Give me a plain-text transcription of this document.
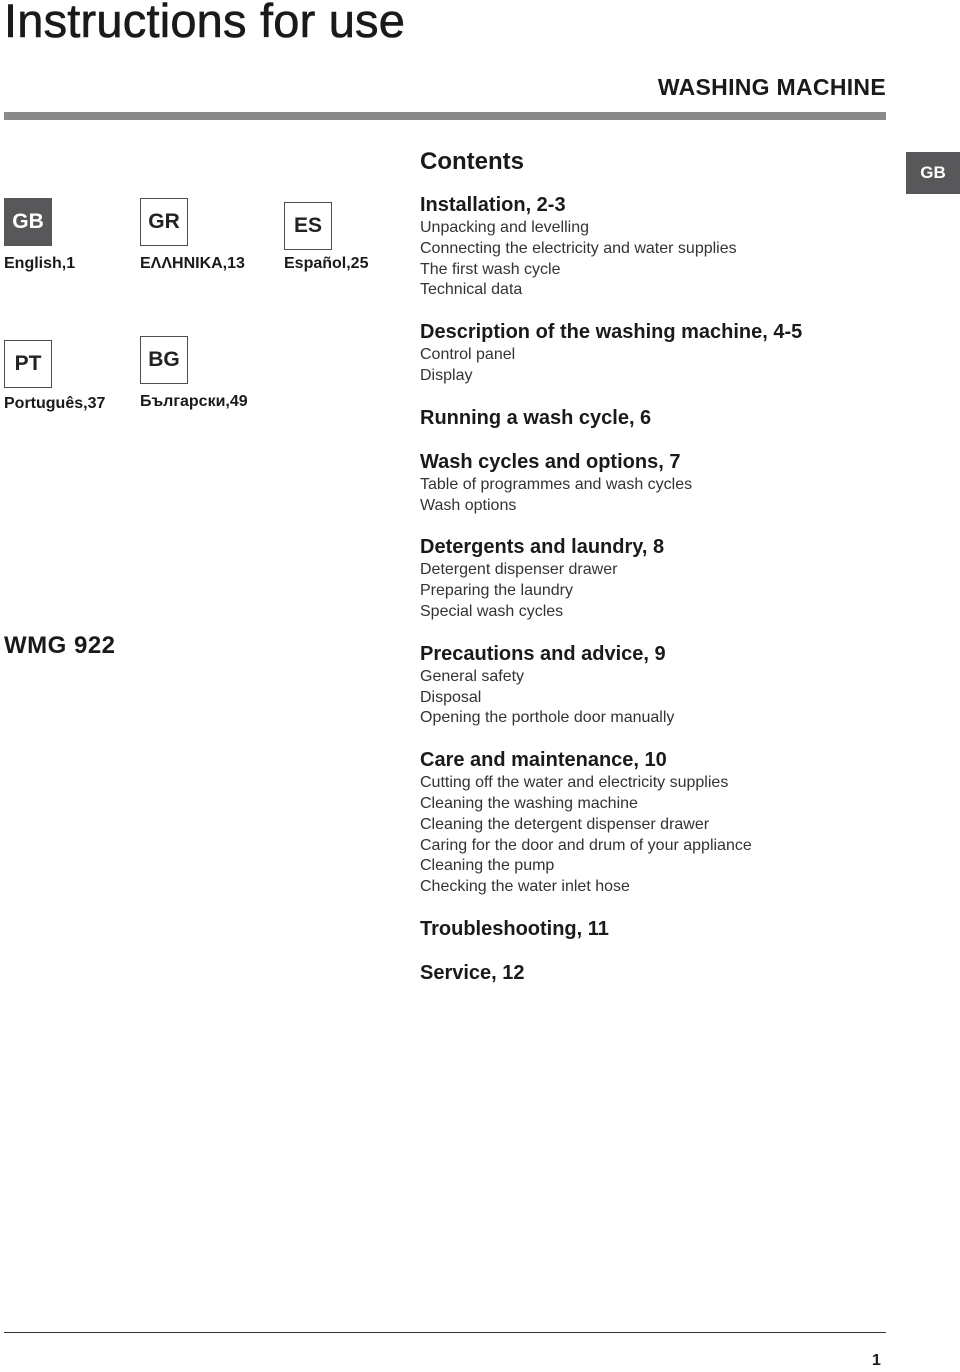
Instructions for use
WASHING MACHINE
GB
GB
English,1
GR
ΕΛΛΗΝΙΚΑ,13
ES
Español,25
PT
Português,37
BG
Български,49
WMG 922
Contents
Installation, 2-3
Unpacking and levelling
Connecting the electricity and water supplies
The first wash cycle
Technical data
Description of the washing machine, 4-5
Control panel
Display
Running a wash cycle, 6
Wash cycles and options, 7
Table of programmes and wash cycles
Wash options
Detergents and laundry, 8
Detergent dispenser drawer
Preparing the laundry
Special wash cycles
Precautions and advice, 9
General safety
Disposal
Opening the porthole door manually
Care and maintenance, 10
Cutting off the water and electricity supplies
Cleaning the washing machine
Cleaning the detergent dispenser drawer
Caring for the door and drum of your appliance
Cleaning the pump
Checking the water inlet hose
Troubleshooting, 11
Service, 12
1
